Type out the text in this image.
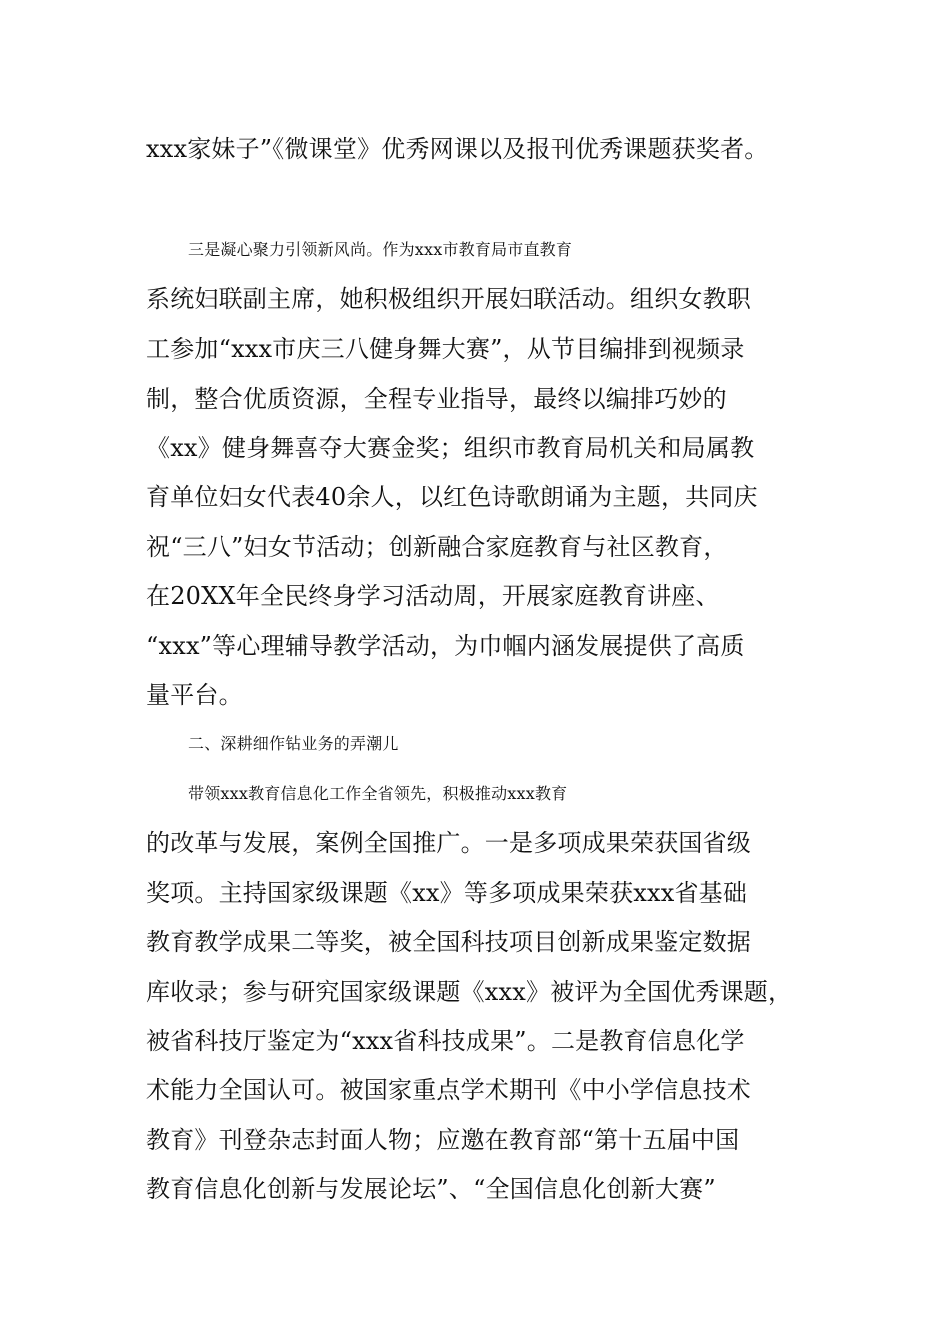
xxx家妹子”《微课堂》优秀网课以及报刊优秀课题获奖者。
三是凝心聚力引领新风尚。作为xxx市教育局市直教育
系统妇联副主席，她积极组织开展妇联活动。组织女教职
工参加“xxx市庆三八健身舞大赛”，从节目编排到视频录
制，整合优质资源，全程专业指导，最终以编排巧妙的
《xx》健身舞喜夺大赛金奖；组织市教育局机关和局属教
育单位妇女代表40余人，以红色诗歌朗诵为主题，共同庆
祝“三八”妇女节活动；创新融合家庭教育与社区教育，
在20XX年全民终身学习活动周，开展家庭教育讲座、
“xxx”等心理辅导教学活动，为巾帼内涵发展提供了高质
量平台。
二、深耕细作钻业务的弄潮儿
带领xxx教育信息化工作全省领先，积极推动xxx教育
的改革与发展，案例全国推广。一是多项成果荣获国省级
奖项。主持国家级课题《xx》等多项成果荣获xxx省基础
教育教学成果二等奖，被全国科技项目创新成果鉴定数据
库收录；参与研究国家级课题《xxx》被评为全国优秀课题，
被省科技厅鉴定为“xxx省科技成果”。二是教育信息化学
术能力全国认可。被国家重点学术期刊《中小学信息技术
教育》刊登杂志封面人物；应邀在教育部“第十五届中国
教育信息化创新与发展论坛”、“全国信息化创新大赛”
